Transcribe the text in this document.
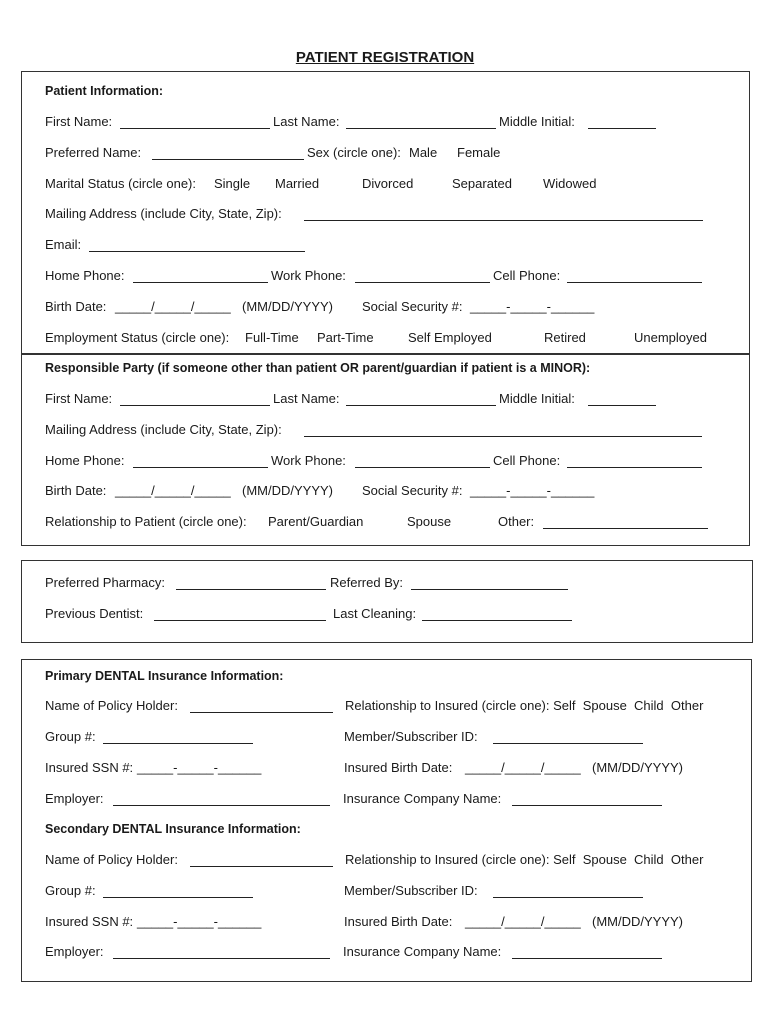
PATIENT REGISTRATION
Patient Information:
First Name:	Last Name:	Middle Initial:
Preferred Name:	Sex (circle one): Male Female
Marital Status (circle one): Single Married	Divorced	Separated Widowed
Mailing Address (include City, State, Zip):
Email:
Home Phone:	Work Phone:	Cell Phone:
Birth Date: _____/_____/_____ (MM/DD/YYYY) Social Security #: _____-_____-______
Employment Status (circle one): Full-Time Part-Time	Self Employed	Retired	Unemployed
Responsible Party (if someone other than patient OR parent/guardian if patient is a MINOR):
First Name:	Last Name:	Middle Initial:
Mailing Address (include City, State, Zip):
Home Phone:	Work Phone:	Cell Phone:
Birth Date: _____/_____/_____ (MM/DD/YYYY) Social Security #: _____-_____-______
Relationship to Patient (circle one): Parent/Guardian	Spouse	Other:
Preferred Pharmacy:	Referred By:
Previous Dentist:	Last Cleaning:
Primary DENTAL Insurance Information:
Name of Policy Holder:	Relationship to Insured (circle one): Self  Spouse  Child  Other
Group #:	Member/Subscriber ID:
Insured SSN #: _____-_____-______	Insured Birth Date: _____/_____/_____ (MM/DD/YYYY)
Employer:	Insurance Company Name:
Secondary DENTAL Insurance Information:
Name of Policy Holder:	Relationship to Insured (circle one): Self  Spouse  Child  Other
Group #:	Member/Subscriber ID:
Insured SSN #: _____-_____-______	Insured Birth Date: _____/_____/_____ (MM/DD/YYYY)
Employer:	Insurance Company Name:
